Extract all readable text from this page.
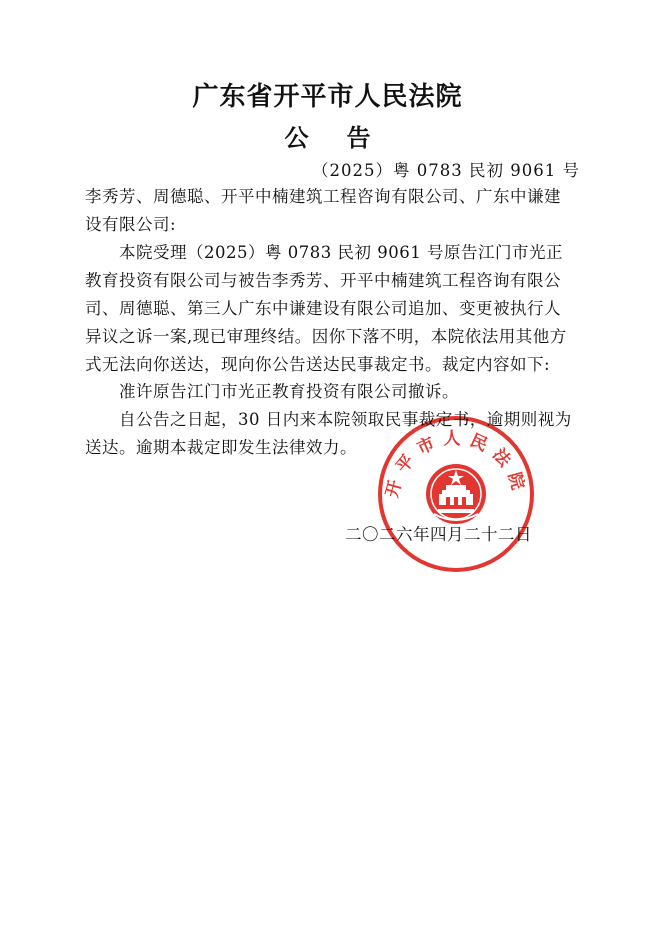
广东省开平市人民法院
公告
（2025）粤 0783 民初 9061 号
李秀芳、周德聪、开平中楠建筑工程咨询有限公司、广东中谦建设有限公司:
本院受理（2025）粤 0783 民初 9061 号原告江门市光正教育投资有限公司与被告李秀芳、开平中楠建筑工程咨询有限公司、周德聪、第三人广东中谦建设有限公司追加、变更被执行人异议之诉一案,现已审理终结。因你下落不明，本院依法用其他方式无法向你送达，现向你公告送达民事裁定书。裁定内容如下:
准许原告江门市光正教育投资有限公司撤诉。
自公告之日起，30 日内来本院领取民事裁定书，逾期则视为送达。逾期本裁定即发生法律效力。
二〇二六年四月二十二日
开平市人民法院
